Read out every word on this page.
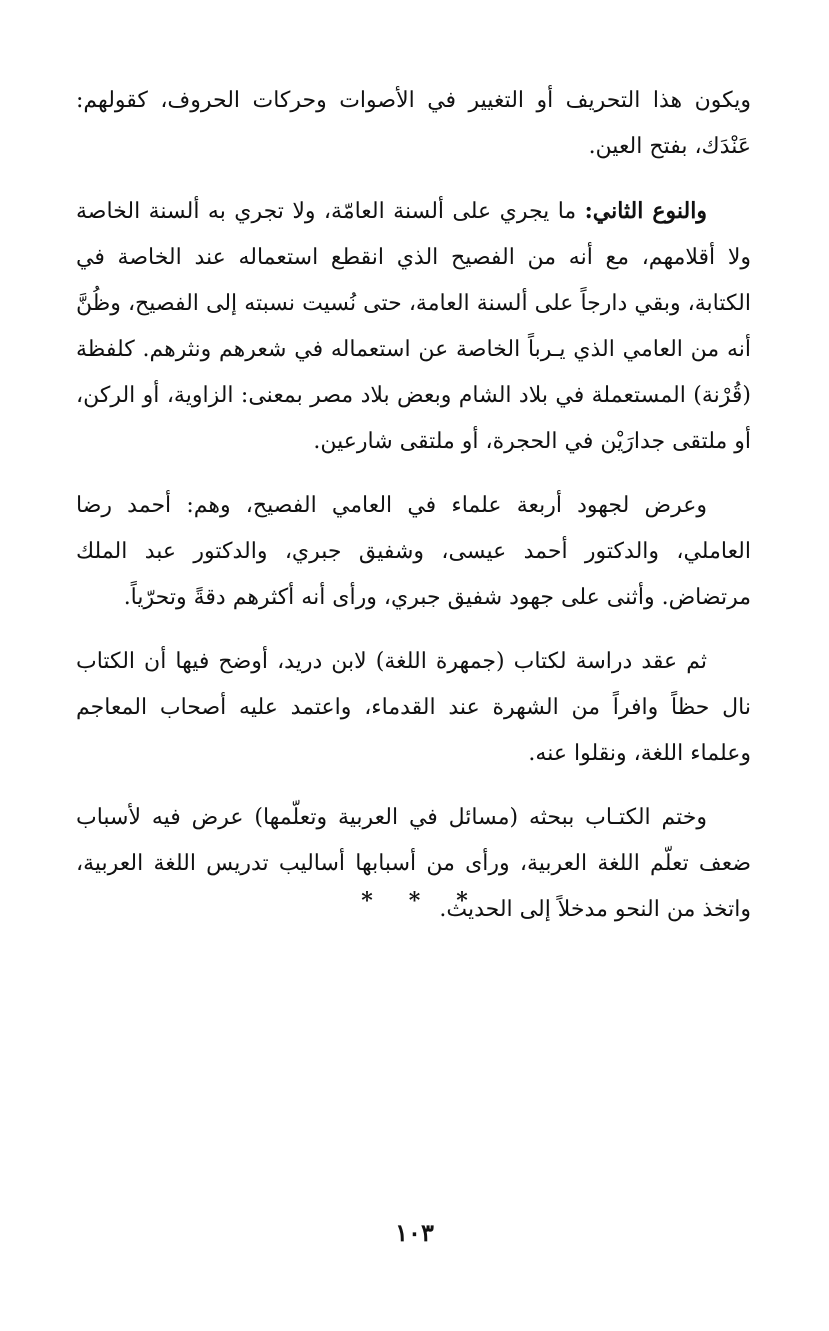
ويكون هذا التحريف أو التغيير في الأصوات وحركات الحروف، كقولهم: عَنْدَك، بفتح العين.

والنوع الثاني: ما يجري على ألسنة العامّة، ولا تجري به ألسنة الخاصة ولا أقلامهم، مع أنه من الفصيح الذي انقطع استعماله عند الخاصة في الكتابة، وبقي دارجاً على ألسنة العامة، حتى نُسيت نسبته إلى الفصيح، وظُنَّ أنه من العامي الذي يـرباً الخاصة عن استعماله في شعرهم ونثرهم. كلفظة (قُرْنة) المستعملة في بلاد الشام وبعض بلاد مصر بمعنى: الزاوية، أو الركن، أو ملتقى جدارَيْن في الحجرة، أو ملتقى شارعين.

وعرض لجهود أربعة علماء في العامي الفصيح، وهم: أحمد رضا العاملي، والدكتور أحمد عيسى، وشفيق جبري، والدكتور عبد الملك مرتضاض. وأثنى على جهود شفيق جبري، ورأى أنه أكثرهم دقةً وتحرّياً.

ثم عقد دراسة لكتاب (جمهرة اللغة) لابن دريد، أوضح فيها أن الكتاب نال حظاً وافراً من الشهرة عند القدماء، واعتمد عليه أصحاب المعاجم وعلماء اللغة، ونقلوا عنه.

وختم الكتـاب ببحثه (مسائل في العربية وتعلّمها) عرض فيه لأسباب ضعف تعلّم اللغة العربية، ورأى من أسبابها أساليب تدريس اللغة العربية، واتخذ من النحو مدخلاً إلى الحديث.

***
١٠٣
